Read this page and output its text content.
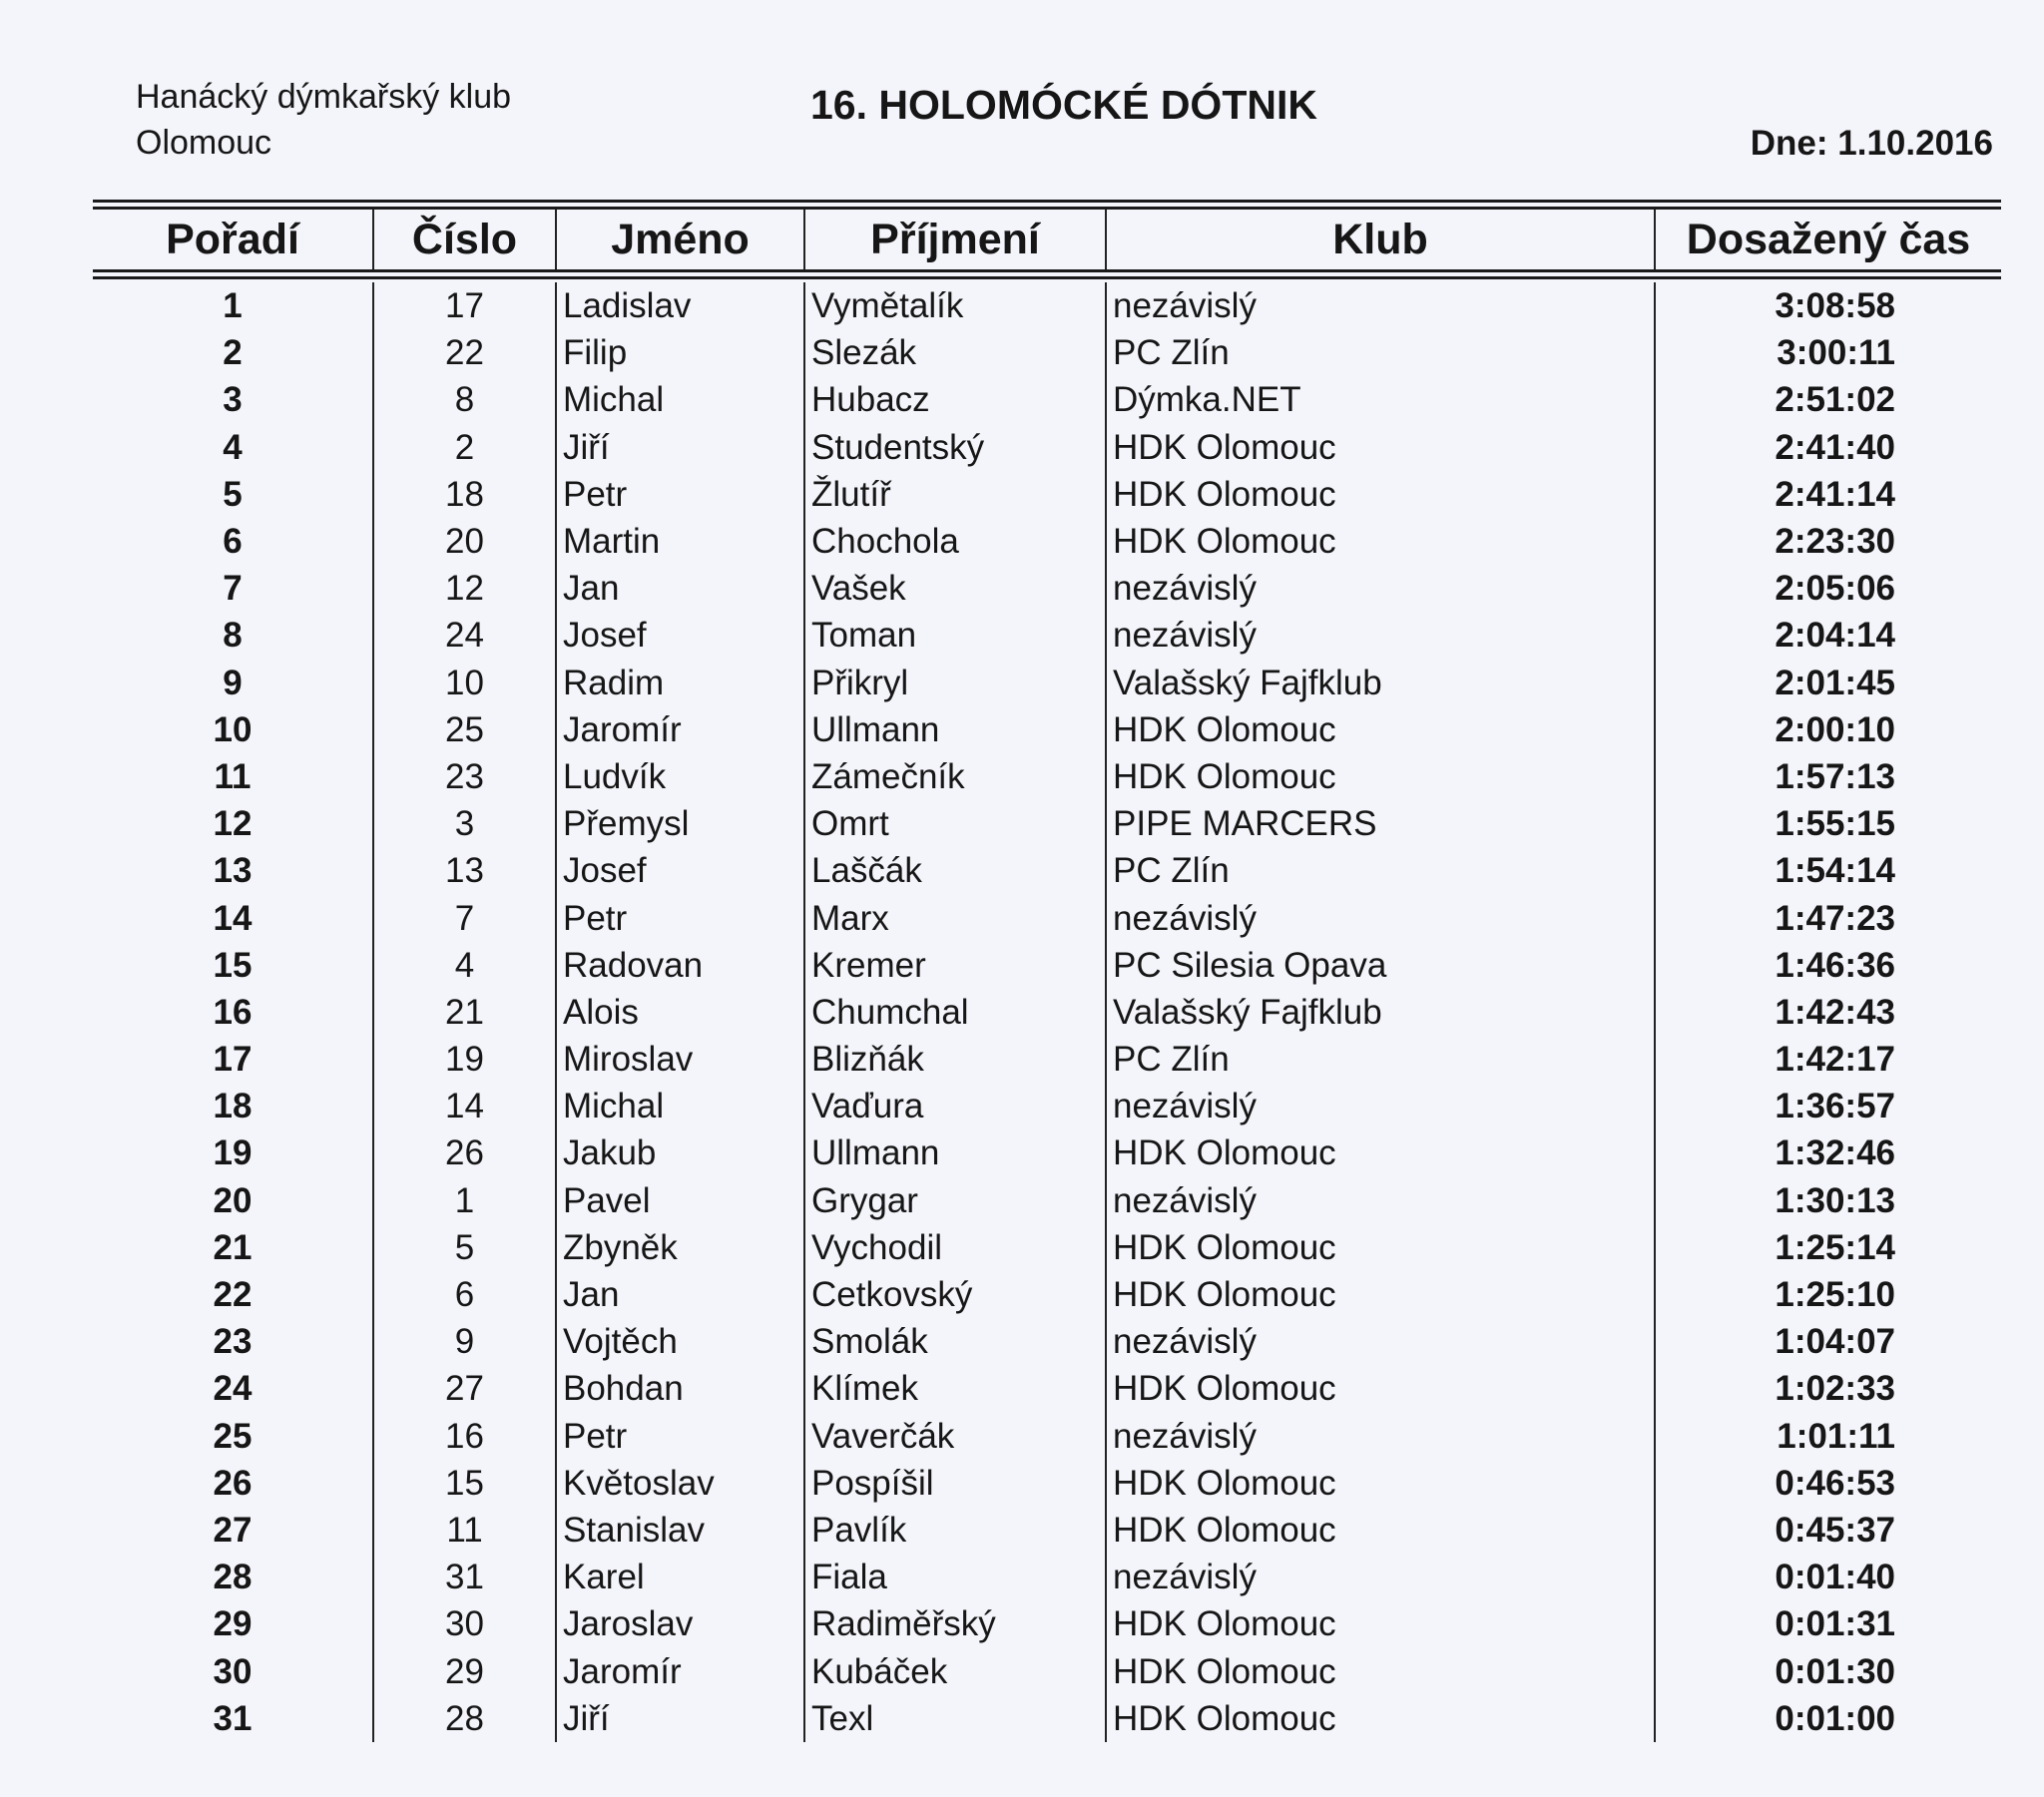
Hanácký dýmkařský klub
Olomouc
16. HOLOMÓCKÉ DÓTNIK
Dne: 1.10.2016
Pořadí	Číslo	Jméno	Příjmení	Klub	Dosažený čas
1	17	Ladislav	Vymětalík	nezávislý	3:08:58
2	22	Filip	Slezák	PC Zlín	3:00:11
3	8	Michal	Hubacz	Dýmka.NET	2:51:02
4	2	Jiří	Studentský	HDK Olomouc	2:41:40
5	18	Petr	Žlutíř	HDK Olomouc	2:41:14
6	20	Martin	Chochola	HDK Olomouc	2:23:30
7	12	Jan	Vašek	nezávislý	2:05:06
8	24	Josef	Toman	nezávislý	2:04:14
9	10	Radim	Přikryl	Valašský Fajfklub	2:01:45
10	25	Jaromír	Ullmann	HDK Olomouc	2:00:10
11	23	Ludvík	Zámečník	HDK Olomouc	1:57:13
12	3	Přemysl	Omrt	PIPE MARCERS	1:55:15
13	13	Josef	Laščák	PC Zlín	1:54:14
14	7	Petr	Marx	nezávislý	1:47:23
15	4	Radovan	Kremer	PC Silesia Opava	1:46:36
16	21	Alois	Chumchal	Valašský Fajfklub	1:42:43
17	19	Miroslav	Blizňák	PC Zlín	1:42:17
18	14	Michal	Vaďura	nezávislý	1:36:57
19	26	Jakub	Ullmann	HDK Olomouc	1:32:46
20	1	Pavel	Grygar	nezávislý	1:30:13
21	5	Zbyněk	Vychodil	HDK Olomouc	1:25:14
22	6	Jan	Cetkovský	HDK Olomouc	1:25:10
23	9	Vojtěch	Smolák	nezávislý	1:04:07
24	27	Bohdan	Klímek	HDK Olomouc	1:02:33
25	16	Petr	Vaverčák	nezávislý	1:01:11
26	15	Květoslav	Pospíšil	HDK Olomouc	0:46:53
27	11	Stanislav	Pavlík	HDK Olomouc	0:45:37
28	31	Karel	Fiala	nezávislý	0:01:40
29	30	Jaroslav	Radiměřský	HDK Olomouc	0:01:31
30	29	Jaromír	Kubáček	HDK Olomouc	0:01:30
31	28	Jiří	Texl	HDK Olomouc	0:01:00
